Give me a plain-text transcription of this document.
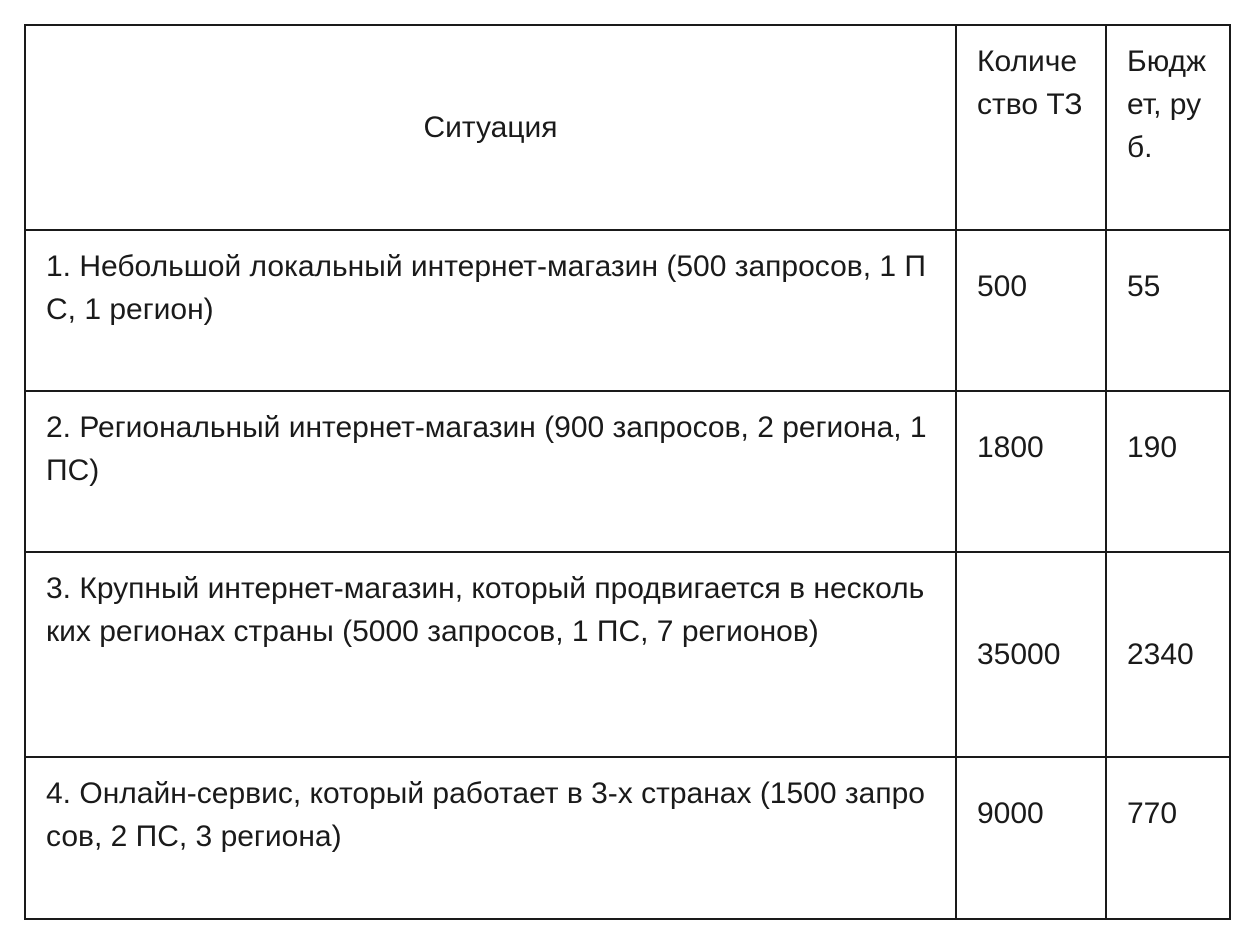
Ситуация	Количество ТЗ	Бюджет, руб.
1. Небольшой локальный интернет-магазин (500 запросов, 1 ПС, 1 регион)	500	55
2. Региональный интернет-магазин (900 запросов, 2 региона, 1 ПС)	1800	190
3. Крупный интернет-магазин, который продвигается в нескольких регионах страны (5000 запросов, 1 ПС, 7 регионов)	35000	2340
4. Онлайн-сервис, который работает в 3-х странах (1500 запросов, 2 ПС, 3 региона)	9000	770
